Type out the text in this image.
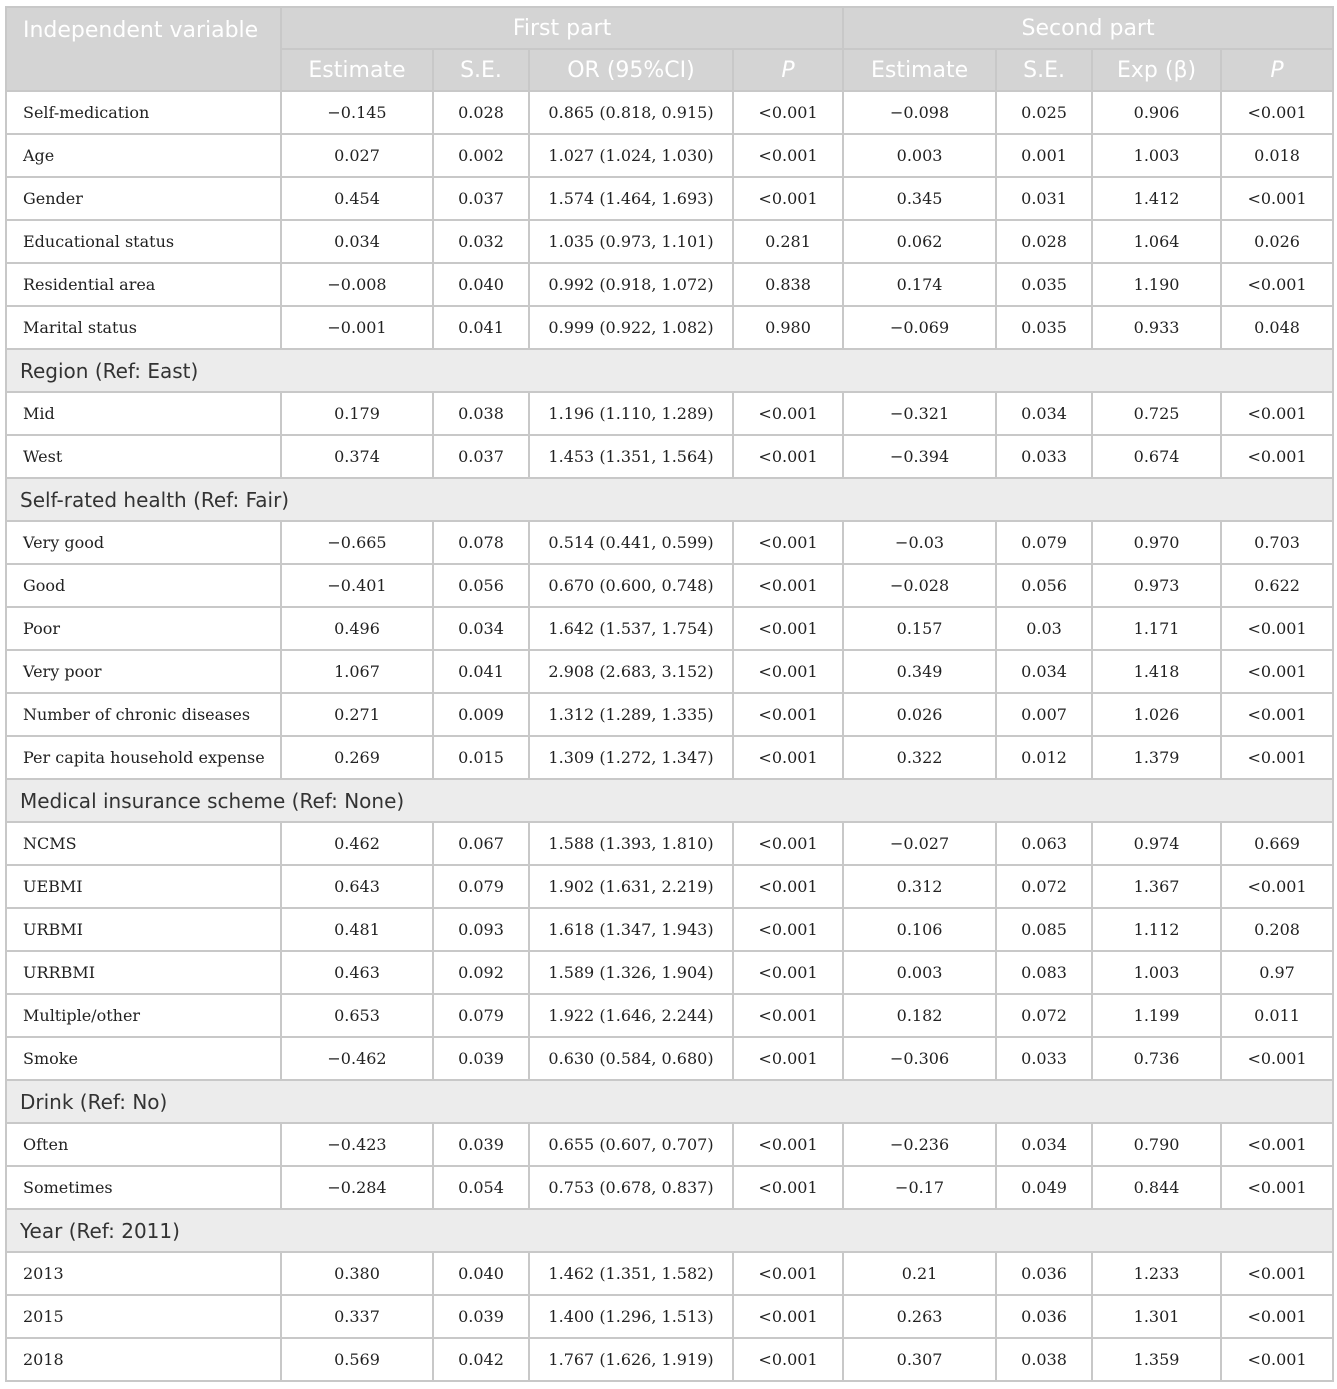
Independent variable	First part				Second part			
	Estimate	S.E.	OR (95%CI)	P	Estimate	S.E.	Exp (β)	P
Self-medication	−0.145	0.028	0.865 (0.818, 0.915)	<0.001	−0.098	0.025	0.906	<0.001
Age	0.027	0.002	1.027 (1.024, 1.030)	<0.001	0.003	0.001	1.003	0.018
Gender	0.454	0.037	1.574 (1.464, 1.693)	<0.001	0.345	0.031	1.412	<0.001
Educational status	0.034	0.032	1.035 (0.973, 1.101)	0.281	0.062	0.028	1.064	0.026
Residential area	−0.008	0.040	0.992 (0.918, 1.072)	0.838	0.174	0.035	1.190	<0.001
Marital status	−0.001	0.041	0.999 (0.922, 1.082)	0.980	−0.069	0.035	0.933	0.048
Region (Ref: East)								
Mid	0.179	0.038	1.196 (1.110, 1.289)	<0.001	−0.321	0.034	0.725	<0.001
West	0.374	0.037	1.453 (1.351, 1.564)	<0.001	−0.394	0.033	0.674	<0.001
Self-rated health (Ref: Fair)								
Very good	−0.665	0.078	0.514 (0.441, 0.599)	<0.001	−0.03	0.079	0.970	0.703
Good	−0.401	0.056	0.670 (0.600, 0.748)	<0.001	−0.028	0.056	0.973	0.622
Poor	0.496	0.034	1.642 (1.537, 1.754)	<0.001	0.157	0.03	1.171	<0.001
Very poor	1.067	0.041	2.908 (2.683, 3.152)	<0.001	0.349	0.034	1.418	<0.001
Number of chronic diseases	0.271	0.009	1.312 (1.289, 1.335)	<0.001	0.026	0.007	1.026	<0.001
Per capita household expense	0.269	0.015	1.309 (1.272, 1.347)	<0.001	0.322	0.012	1.379	<0.001
Medical insurance scheme (Ref: None)								
NCMS	0.462	0.067	1.588 (1.393, 1.810)	<0.001	−0.027	0.063	0.974	0.669
UEBMI	0.643	0.079	1.902 (1.631, 2.219)	<0.001	0.312	0.072	1.367	<0.001
URBMI	0.481	0.093	1.618 (1.347, 1.943)	<0.001	0.106	0.085	1.112	0.208
URRBMI	0.463	0.092	1.589 (1.326, 1.904)	<0.001	0.003	0.083	1.003	0.97
Multiple/other	0.653	0.079	1.922 (1.646, 2.244)	<0.001	0.182	0.072	1.199	0.011
Smoke	−0.462	0.039	0.630 (0.584, 0.680)	<0.001	−0.306	0.033	0.736	<0.001
Drink (Ref: No)								
Often	−0.423	0.039	0.655 (0.607, 0.707)	<0.001	−0.236	0.034	0.790	<0.001
Sometimes	−0.284	0.054	0.753 (0.678, 0.837)	<0.001	−0.17	0.049	0.844	<0.001
Year (Ref: 2011)								
2013	0.380	0.040	1.462 (1.351, 1.582)	<0.001	0.21	0.036	1.233	<0.001
2015	0.337	0.039	1.400 (1.296, 1.513)	<0.001	0.263	0.036	1.301	<0.001
2018	0.569	0.042	1.767 (1.626, 1.919)	<0.001	0.307	0.038	1.359	<0.001
